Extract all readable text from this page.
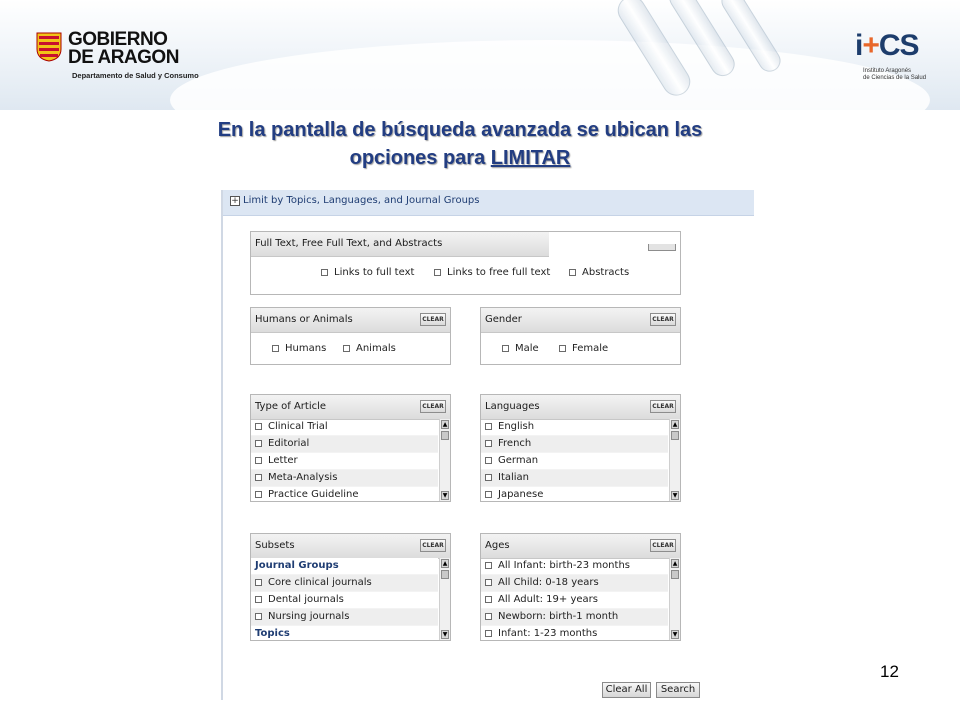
GOBIERNO
DE ARAGON
Departamento de Salud y Consumo
i+CS
Instituto Aragonés
de Ciencias de la Salud
En la pantalla de búsqueda avanzada se ubican las
opciones para LIMITAR
+ Limit by Topics, Languages, and Journal Groups
Full Text, Free Full Text, and Abstracts
Links to full text	Links to free full text	Abstracts
Humans or Animals	CLEAR
Humans	Animals
Gender	CLEAR
Male	Female
Type of Article	CLEAR
Clinical Trial
Editorial
Letter
Meta-Analysis
Practice Guideline
▲
▼
Languages	CLEAR
English
French
German
Italian
Japanese
▲
▼
Subsets	CLEAR
Journal Groups
Core clinical journals
Dental journals
Nursing journals
Topics
▲
▼
Ages	CLEAR
All Infant: birth-23 months
All Child: 0-18 years
All Adult: 19+ years
Newborn: birth-1 month
Infant: 1-23 months
▲
▼
Clear All	Search
12
